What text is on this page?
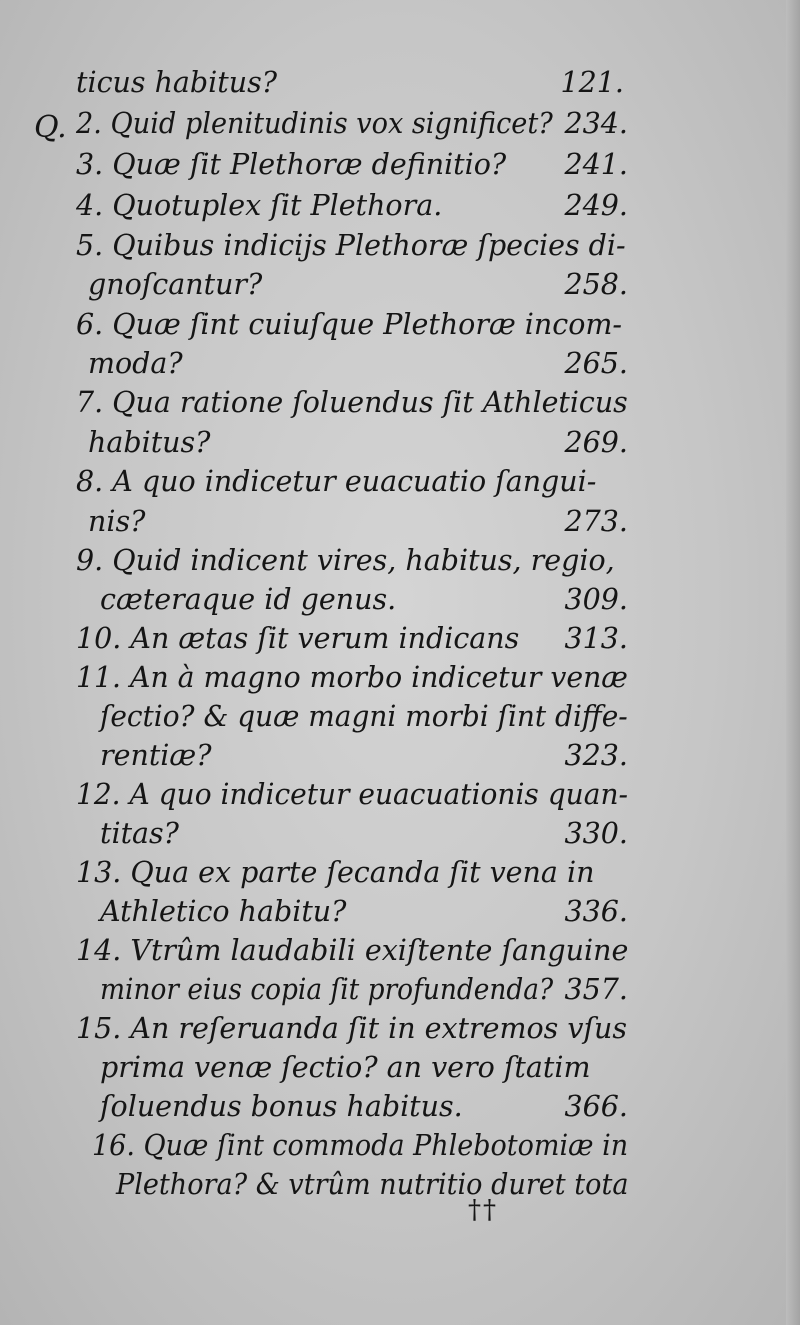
Q.
ticus habitus?	121.
2. Quid plenitudinis vox significet? 234.
3. Quæ ſit Plethoræ definitio? 241.
4. Quotuplex ſit Plethora.	249.
5. Quibus indicijs Plethoræ ſpecies di-
gnoſcantur?	258.
6. Quæ ſint cuiuſque Plethoræ incom-
moda?	265.
7. Qua ratione ſoluendus ſit Athleticus
habitus?	269.
8. A quo indicetur euacuatio ſangui-
nis?	273.
9. Quid indicent vires, habitus, regio,
cæteraque id genus.	309.
10. An ætas ſit verum indicans 313.
11. An à magno morbo indicetur venæ
ſectio? & quæ magni morbi ſint diffe-
rentiæ?	323.
12. A quo indicetur euacuationis quan-
titas?	330.
13. Qua ex parte ſecanda ſit vena in
Athletico habitu?	336.
14. Vtrûm laudabili exiſtente ſanguine
minor eius copia ſit profundenda? 357.
15. An reſeruanda ſit in extremos vſus
prima venæ ſectio? an vero ſtatim
ſoluendus bonus habitus.	366.
16. Quæ ſint commoda Phlebotomiæ in
Plethora? & vtrûm nutritio duret tota
††
